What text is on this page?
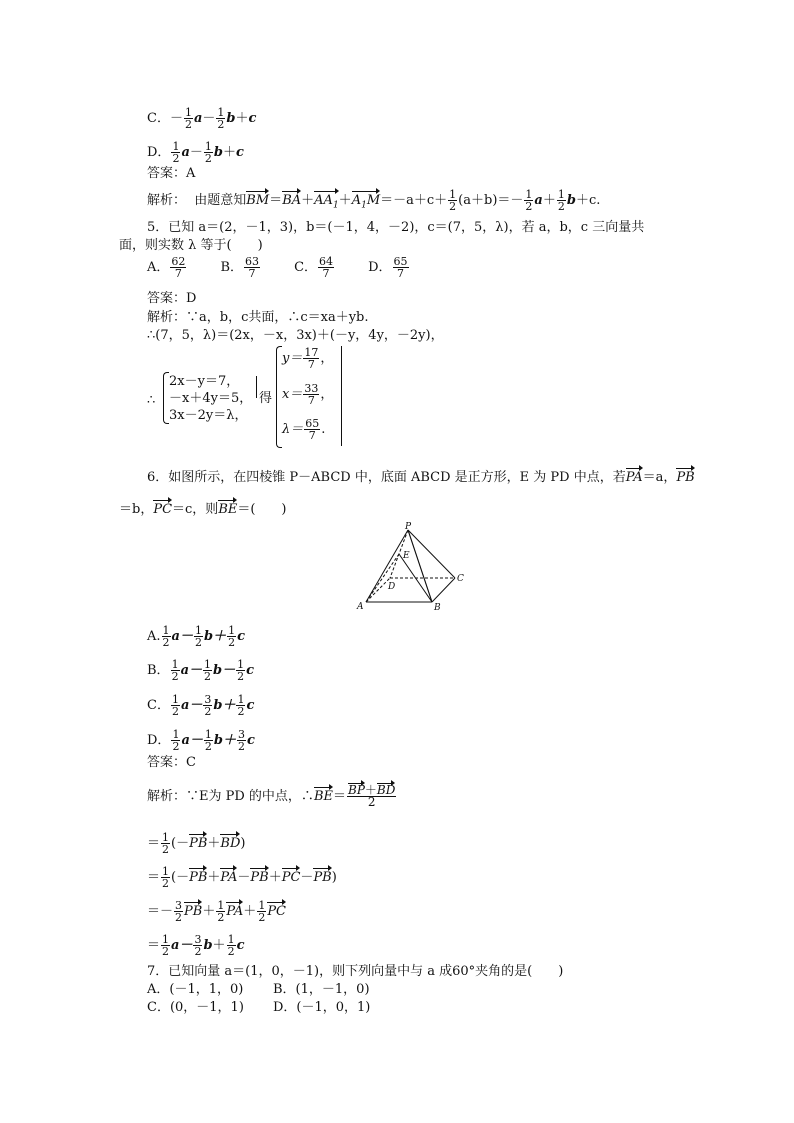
C．－ $\frac{1}{2} a- \frac{1}{2} b+c$
D． $\frac{1}{2} a- \frac{1}{2} b+c$
答案：A
解析： 由题意知$BM=BA+AA_1+A_1M=-a+c+ \frac{1}{2} (a+b)=- \frac{1}{2} a+ \frac{1}{2} b+c$.
5．已知 a＝(2，－1，3)，b＝(－1，4，－2)，c＝(7，5，λ)，若 a，b，c 三向量共
面，则实数 λ 等于(　　)
A． $\frac{62}{7}$	B． $\frac{63}{7}$	C． $\frac{64}{7}$	D． $\frac{65}{7}$
答案：D
解析：∵a，b，c共面，∴c＝xa＋yb.
∴(7，5，λ)＝(2x，－x，3x)＋(－y，4y，－2y)，
∴
2x－y＝7，
－x＋4y＝5，
3x－2y＝λ，
得
$y= \frac{17}{7}$ ，
$x= \frac{33}{7}$ ，
$\lambda= \frac{65}{7}$ .
6．如图所示，在四棱锥 P－ABCD 中，底面 ABCD 是正方形，E 为 PD 中点，若PA＝a，PB
＝b，PC＝c，则BE＝(　　)
P
E
D
C
A	B
A. $\frac{1}{2} a- \frac{1}{2} b+ \frac{1}{2}$ c
B． $\frac{1}{2} a- \frac{1}{2} b- \frac{1}{2}$ c
C． $\frac{1}{2} a- \frac{3}{2} b+ \frac{1}{2}$ c
D． $\frac{1}{2} a- \frac{1}{2} b+ \frac{3}{2}$ c
答案：C
解析：∵E为 PD 的中点，∴BE＝ $\frac{BP+BD}{2}$
＝ $\frac{1}{2} (-PB+BD)$
＝ $\frac{1}{2} (-PB+PA-PB+PC-PB)$
＝－ $\frac{3}{2} PB+ \frac{1}{2} PA+ \frac{1}{2}$ PC
＝ $\frac{1}{2} a- \frac{3}{2} b+ \frac{1}{2}$ c
7．已知向量 a＝(1，0，－1)，则下列向量中与 a 成60°夹角的是(　　)
A．(－1，1，0) B．(1，－1，0)
C．(0，－1，1) D．(－1，0，1)
